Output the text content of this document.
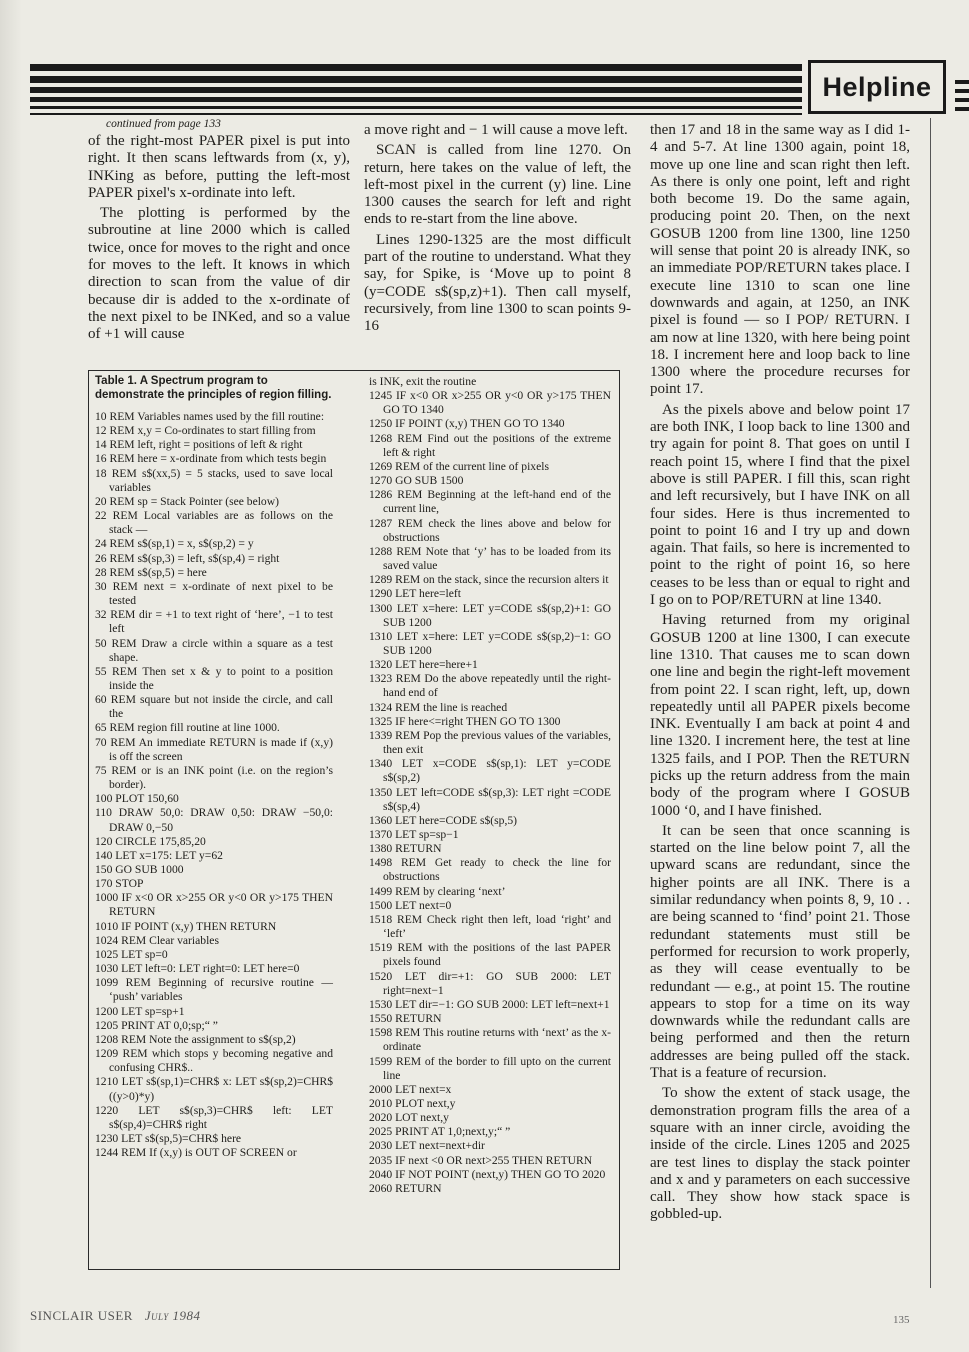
Helpline
continued from page 133

of the right-most PAPER pixel is put into right. It then scans leftwards from (x, y), INKing as before, putting the left-most PAPER pixel's x-ordinate into left.

The plotting is performed by the subroutine at line 2000 which is called twice, once for moves to the right and once for moves to the left. It knows in which direction to scan from the value of dir because dir is added to the x-ordinate of the next pixel to be INKed, and so a value of +1 will cause

a move right and − 1 will cause a move left.

SCAN is called from line 1270. On return, here takes on the value of left, the left-most pixel in the current (y) line. Line 1300 causes the search for left and right ends to re-start from the line above.

Lines 1290-1325 are the most difficult part of the routine to understand. What they say, for Spike, is ‘Move up to point 8 (y=CODE s$(sp,z)+1). Then call myself, recursively, from line 1300 to scan points 9-16

then 17 and 18 in the same way as I did 1-4 and 5-7. At line 1300 again, point 18, move up one line and scan right then left. As there is only one point, left and right both become 19. Do the same again, producing point 20. Then, on the next GOSUB 1200 from line 1300, line 1250 will sense that point 20 is already INK, so an immediate POP/RETURN takes place. I execute line 1310 to scan one line downwards and again, at 1250, an INK pixel is found — so I POP/ RETURN. I am now at line 1320, with here being point 18. I increment here and loop back to line 1300 where the procedure recurses for point 17.

As the pixels above and below point 17 are both INK, I loop back to line 1300 and try again for point 8. That goes on until I reach point 15, where I find that the pixel above is still PAPER. I fill this, scan right and left recursively, but I have INK on all four sides. Here is thus incremented to point to point 16 and I try up and down again. That fails, so here is incremented to point to the right of point 16, so here ceases to be less than or equal to right and I go on to POP/RETURN at line 1340.

Having returned from my original GOSUB 1200 at line 1300, I can execute line 1310. That causes me to scan down one line and begin the right-left movement from point 22. I scan right, left, up, down repeatedly until all PAPER pixels become INK. Eventually I am back at point 4 and line 1320. I increment here, the test at line 1325 fails, and I POP. Then the RETURN picks up the return address from the main body of the program where I GOSUB 1000 ‘0, and I have finished.

It can be seen that once scanning is started on the line below point 7, all the upward scans are redundant, since the higher points are all INK. There is a similar redundancy when points 8, 9, 10 . . are being scanned to ‘find’ point 21. Those redundant statements must still be performed for recursion to work properly, as they will cease eventually to be redundant — e.g., at point 15. The routine appears to stop for a time on its way downwards while the redundant calls are being performed and then the return addresses are being pulled off the stack. That is a feature of recursion.

To show the extent of stack usage, the demonstration program fills the area of a square with an inner circle, avoiding the inside of the circle. Lines 1205 and 2025 are test lines to display the stack pointer and x and y parameters on each successive call. They show how stack space is gobbled-up.

Table 1. A Spectrum program to demonstrate the principles of region filling.

10 REM Variables names used by the fill routine:

12 REM x,y = Co-ordinates to start filling from

14 REM left, right = positions of left & right

16 REM here = x-ordinate from which tests begin

18 REM s$(xx,5) = 5 stacks, used to save local variables

20 REM sp = Stack Pointer (see below)

22 REM Local variables are as follows on the stack —

24 REM s$(sp,1) = x, s$(sp,2) = y

26 REM s$(sp,3) = left, s$(sp,4) = right

28 REM s$(sp,5) = here

30 REM next = x-ordinate of next pixel to be tested

32 REM dir = +1 to text right of ‘here’, −1 to test left

50 REM Draw a circle within a square as a test shape.

55 REM Then set x & y to point to a position inside the

60 REM square but not inside the circle, and call the

65 REM region fill routine at line 1000.

70 REM An immediate RETURN is made if (x,y) is off the screen

75 REM or is an INK point (i.e. on the region’s border).

100 PLOT 150,60

110 DRAW 50,0: DRAW 0,50: DRAW −50,0: DRAW 0,−50

120 CIRCLE 175,85,20

140 LET x=175: LET y=62

150 GO SUB 1000

170 STOP

1000 IF x<0 OR x>255 OR y<0 OR y>175 THEN RETURN

1010 IF POINT (x,y) THEN RETURN

1024 REM Clear variables

1025 LET sp=0

1030 LET left=0: LET right=0: LET here=0

1099 REM Beginning of recursive routine — ‘push’ variables

1200 LET sp=sp+1

1205 PRINT AT 0,0;sp;“ ”

1208 REM Note the assignment to s$(sp,2)

1209 REM which stops y becoming negative and confusing CHR$..

1210 LET s$(sp,1)=CHR$ x: LET s$(sp,2)=CHR$ ((y>0)*y)

1220 LET s$(sp,3)=CHR$ left: LET s$(sp,4)=CHR$ right

1230 LET s$(sp,5)=CHR$ here

1244 REM If (x,y) is OUT OF SCREEN or

is INK, exit the routine

1245 IF x<0 OR x>255 OR y<0 OR y>175 THEN GO TO 1340

1250 IF POINT (x,y) THEN GO TO 1340

1268 REM Find out the positions of the extreme left & right

1269 REM of the current line of pixels

1270 GO SUB 1500

1286 REM Beginning at the left-hand end of the current line,

1287 REM check the lines above and below for obstructions

1288 REM Note that ‘y’ has to be loaded from its saved value

1289 REM on the stack, since the recursion alters it

1290 LET here=left

1300 LET x=here: LET y=CODE s$(sp,2)+1: GO SUB 1200

1310 LET x=here: LET y=CODE s$(sp,2)−1: GO SUB 1200

1320 LET here=here+1

1323 REM Do the above repeatedly until the right-hand end of

1324 REM the line is reached

1325 IF here<=right THEN GO TO 1300

1339 REM Pop the previous values of the variables, then exit

1340 LET x=CODE s$(sp,1): LET y=CODE s$(sp,2)

1350 LET left=CODE s$(sp,3): LET right =CODE s$(sp,4)

1360 LET here=CODE s$(sp,5)

1370 LET sp=sp−1

1380 RETURN

1498 REM Get ready to check the line for obstructions

1499 REM by clearing ‘next’

1500 LET next=0

1518 REM Check right then left, load ‘right’ and ‘left’

1519 REM with the positions of the last PAPER pixels found

1520 LET dir=+1: GO SUB 2000: LET right=next−1

1530 LET dir=−1: GO SUB 2000: LET left=next+1

1550 RETURN

1598 REM This routine returns with ‘next’ as the x-ordinate

1599 REM of the border to fill upto on the current line

2000 LET next=x

2010 PLOT next,y

2020 LOT next,y

2025 PRINT AT 1,0;next,y;“ ”

2030 LET next=next+dir

2035 IF next <0 OR next>255 THEN RETURN

2040 IF NOT POINT (next,y) THEN GO TO 2020

2060 RETURN

SINCLAIR USER July 1984	135
